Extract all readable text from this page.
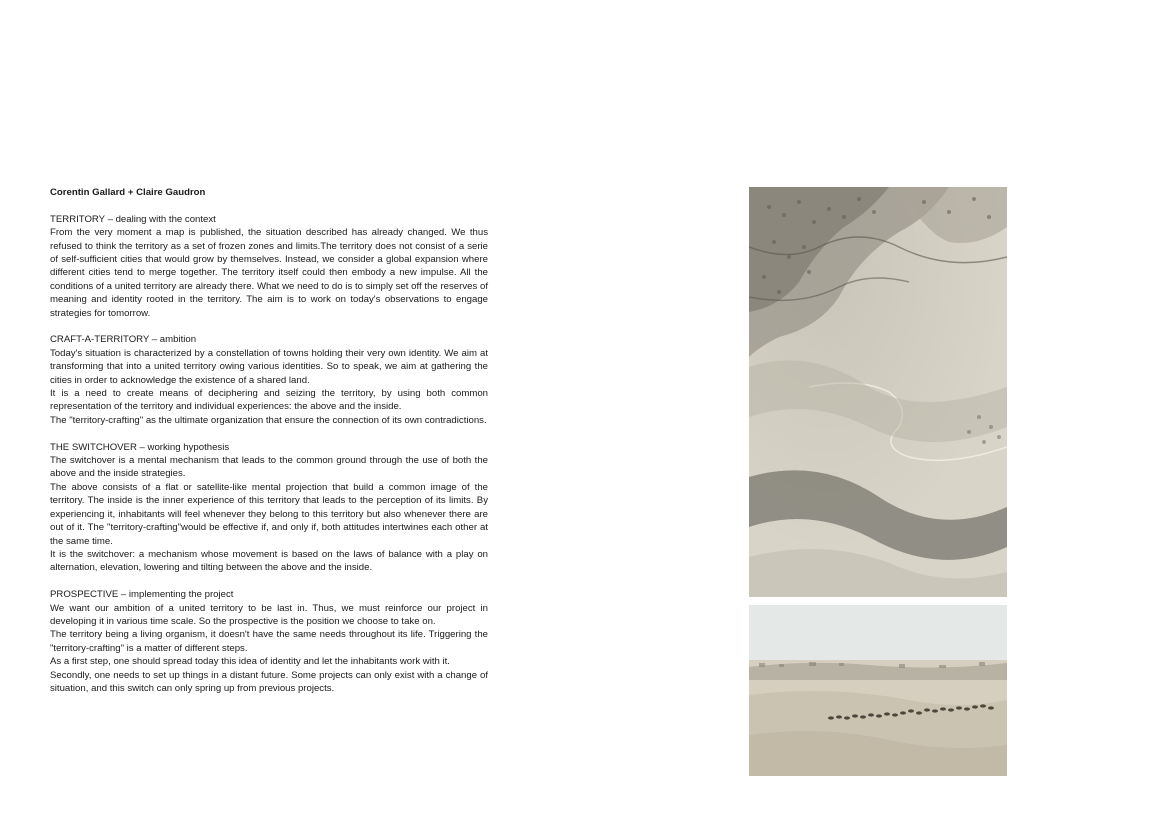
Corentin Gallard + Claire Gaudron
TERRITORY – dealing with the context

From the very moment a map is published, the situation described has already changed. We thus refused to think the territory as a set of frozen zones and limits.The territory does not consist of a serie of self-sufficient cities that would grow by themselves. Instead, we consider a global expansion where different cities tend to merge together. The territory itself could then embody a new impulse. All the conditions of a united territory are already there. What we need to do is to simply set off the reserves of meaning and identity rooted in the territory. The aim is to work on today's observations to engage strategies for tomorrow.

CRAFT-A-TERRITORY – ambition

Today's situation is characterized by a constellation of towns holding their very own identity. We aim at transforming that into a united territory owing various identities. So to speak, we aim at gathering the cities in order to acknowledge the existence of a shared land.

It is a need to create means of deciphering and seizing the territory, by using both common representation of the territory and individual experiences: the above and the inside.

The "territory-crafting" as the ultimate organization that ensure the connection of its own contradictions.

THE SWITCHOVER – working hypothesis

The switchover is a mental mechanism that leads to the common ground through the use of both the above and the inside strategies.

The above consists of a flat or satellite-like mental projection that build a common image of the territory. The inside is the inner experience of this territory that leads to the perception of its limits. By experiencing it, inhabitants will feel whenever they belong to this territory but also whenever there are out of it. The "territory-crafting"would be effective if, and only if, both attitudes intertwines each other at the same time.

It is the switchover: a mechanism whose movement is based on the laws of balance with a play on alternation, elevation, lowering and tilting between the above and the inside.

PROSPECTIVE – implementing the project

We want our ambition of a united territory to be last in. Thus, we must reinforce our project in developing it in various time scale. So the prospective is the position we choose to take on.

The territory being a living organism, it doesn't have the same needs throughout its life. Triggering the "territory-crafting" is a matter of different steps.

As a first step, one should spread today this idea of identity and let the inhabitants work with it.

Secondly, one needs to set up things in a distant future. Some projects can only exist with a change of situation, and this switch can only spring up from previous projects.
